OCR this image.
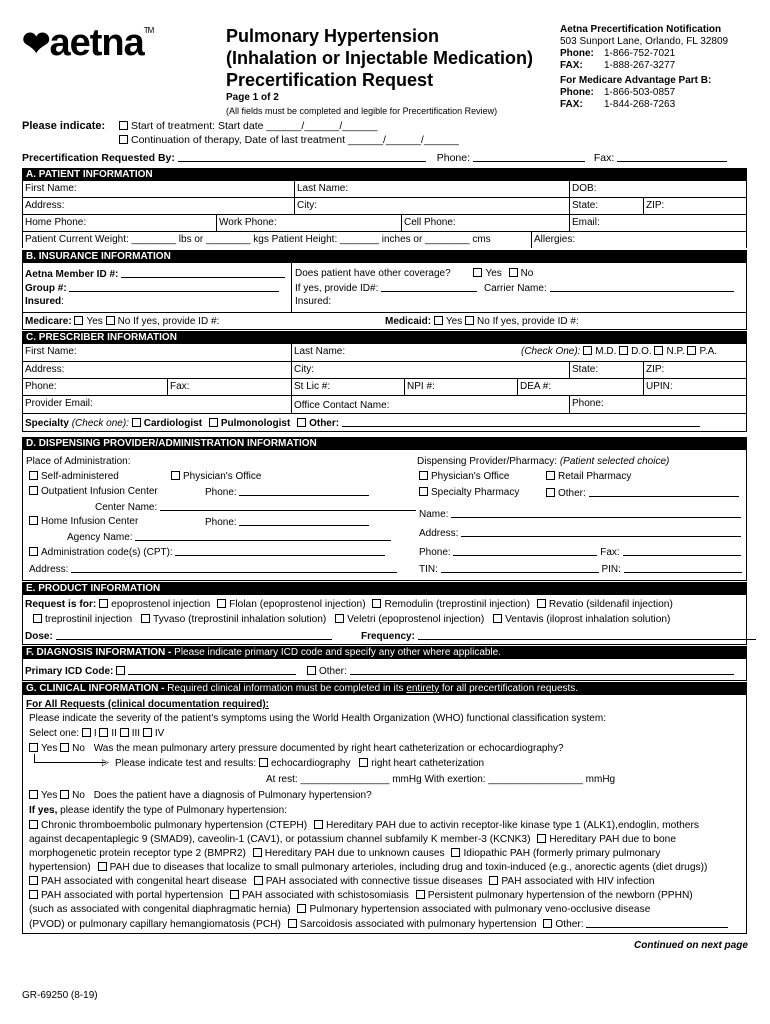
❤aetna™	Pulmonary Hypertension
(Inhalation or Injectable Medication)
Precertification Request
Page 1 of 2
(All fields must be completed and legible for Precertification Review)
Aetna Precertification Notification
503 Sunport Lane, Orlando, FL 32809
Phone: 1-866-752-7021
FAX: 1-888-267-3277
For Medicare Advantage Part B:
Phone: 1-866-503-0857
FAX: 1-844-268-7263
Please indicate:	Start of treatment: Start date ______/______/______
Continuation of therapy, Date of last treatment ______/______/______
Precertification Requested By:	Phone:	Fax:
A. PATIENT INFORMATION
First Name:	Last Name:	DOB:
Address:	City:	State:	ZIP:
Home Phone:	Work Phone:	Cell Phone:	Email:
Patient Current Weight: ________ lbs or ________ kgs Patient Height: _______ inches or ________ cms	Allergies:
B. INSURANCE INFORMATION
Aetna Member ID #:
Group #:
Insured:
Does patient have other coverage?	Yes No
If yes, provide ID#:	Carrier Name:
Insured:
Medicare: Yes No If yes, provide ID #:	Medicaid: Yes No If yes, provide ID #:
C. PRESCRIBER INFORMATION
First Name:	Last Name:	(Check One): M.D. D.O. N.P. P.A.
Address:	City:	State:	ZIP:
Phone:	Fax:	St Lic #:	NPI #:	DEA #:	UPIN:
Provider Email:	Office Contact Name:	Phone:
Specialty (Check one): Cardiologist Pulmonologist Other:
D. DISPENSING PROVIDER/ADMINISTRATION INFORMATION
Place of Administration:
Self-administered	Physician's Office
Outpatient Infusion Center	Phone:
Center Name:
Home Infusion Center	Phone:
Agency Name:
Administration code(s) (CPT):
Address:
Dispensing Provider/Pharmacy: (Patient selected choice)
Physician's Office	Retail Pharmacy
Specialty Pharmacy	Other:
Name:
Address:
Phone:	Fax:
TIN:	PIN:
E. PRODUCT INFORMATION
Request is for: epoprostenol injection Flolan (epoprostenol injection) Remodulin (treprostinil injection) Revatio (sildenafil injection)
treprostinil injection Tyvaso (treprostinil inhalation solution) Veletri (epoprostenol injection) Ventavis (iloprost inhalation solution)
Dose:	Frequency:
F. DIAGNOSIS INFORMATION - Please indicate primary ICD code and specify any other where applicable.
Primary ICD Code:	Other:
G. CLINICAL INFORMATION - Required clinical information must be completed in its entirety for all precertification requests.
For All Requests (clinical documentation required):
Please indicate the severity of the patient's symptoms using the World Health Organization (WHO) functional classification system:
Select one: I II III IV
Yes No Was the mean pulmonary artery pressure documented by right heart catheterization or echocardiography?
▷ Please indicate test and results: echocardiography right heart catheterization
At rest: ________________ mmHg With exertion: _________________ mmHg
Yes No Does the patient have a diagnosis of Pulmonary hypertension?
If yes, please identify the type of Pulmonary hypertension:
Chronic thromboembolic pulmonary hypertension (CTEPH) Hereditary PAH due to activin receptor-like kinase type 1 (ALK1),endoglin, mothers
against decapentaplegic 9 (SMAD9), caveolin-1 (CAV1), or potassium channel subfamily K member-3 (KCNK3) Hereditary PAH due to bone
morphogenetic protein receptor type 2 (BMPR2) Hereditary PAH due to unknown causes Idiopathic PAH (formerly primary pulmonary
hypertension) PAH due to diseases that localize to small pulmonary arterioles, including drug and toxin-induced (e.g., anorectic agents (diet drugs))
PAH associated with congenital heart disease PAH associated with connective tissue diseases PAH associated with HIV infection
PAH associated with portal hypertension PAH associated with schistosomiasis Persistent pulmonary hypertension of the newborn (PPHN)
(such as associated with congenital diaphragmatic hernia) Pulmonary hypertension associated with pulmonary veno-occlusive disease
(PVOD) or pulmonary capillary hemangiomatosis (PCH) Sarcoidosis associated with pulmonary hypertension Other:
Continued on next page
GR-69250 (8-19)
